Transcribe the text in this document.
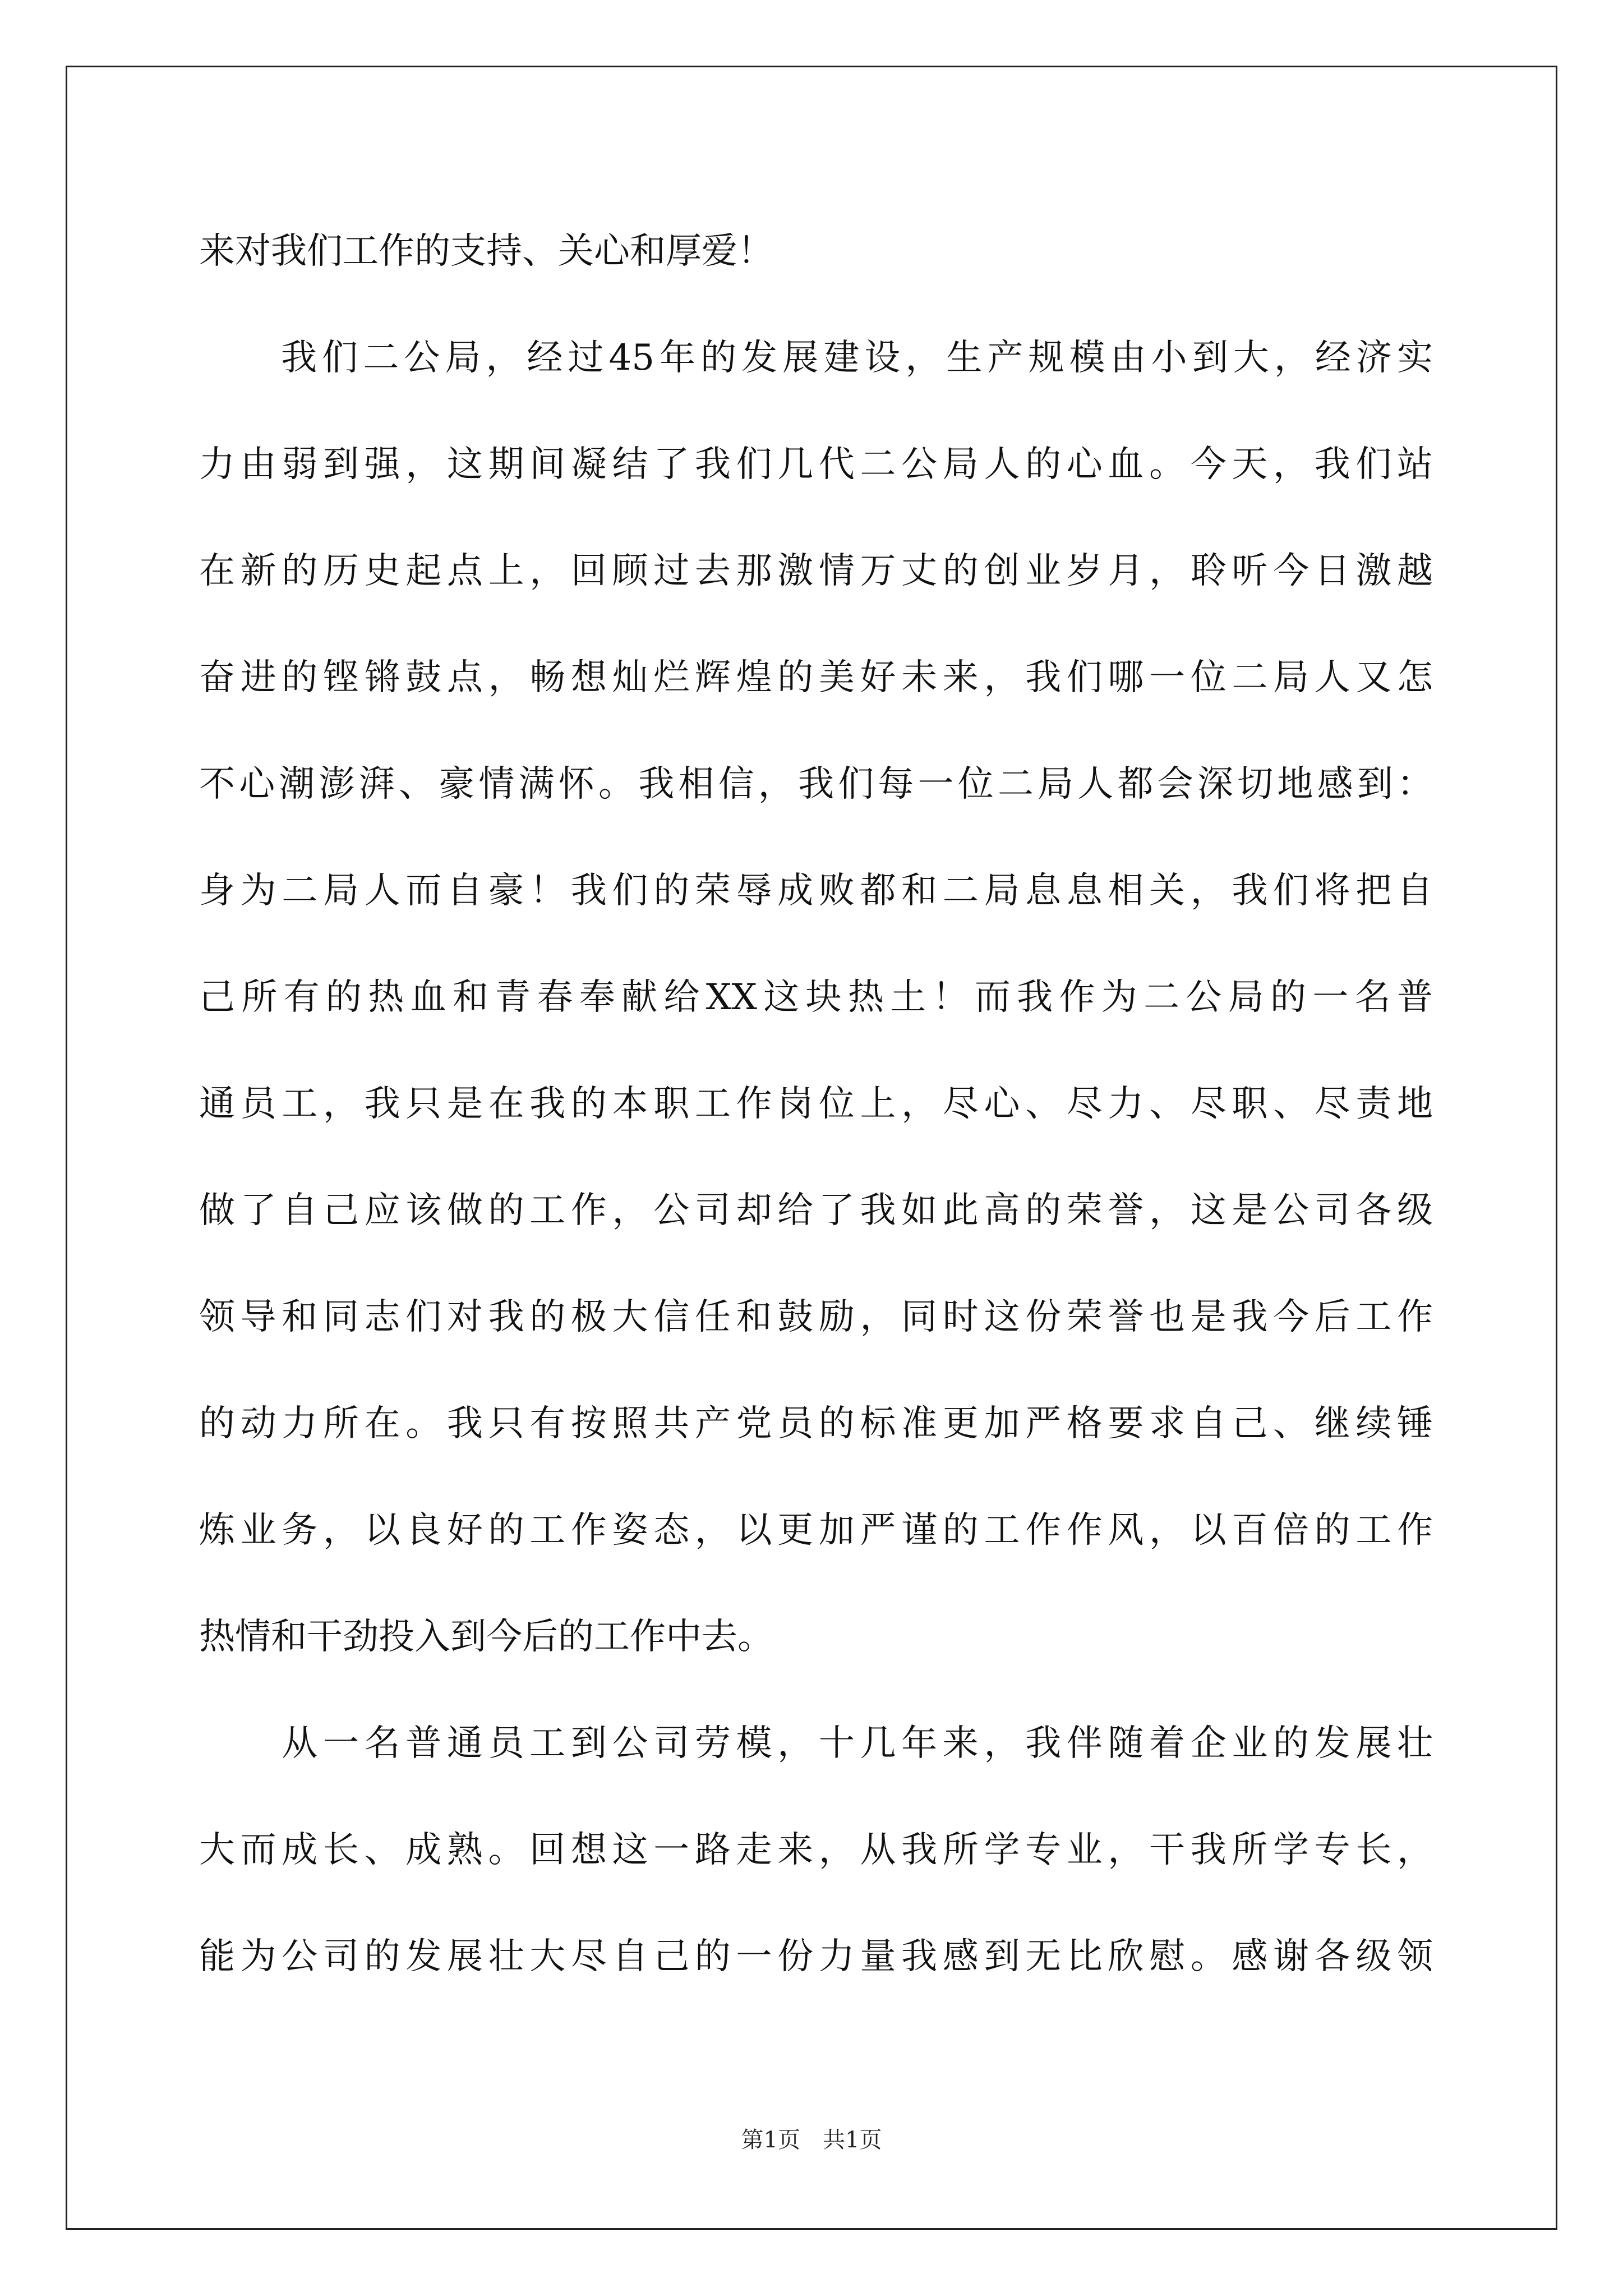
来对我们工作的支持、关心和厚爱！
　　我们二公局，经过45年的发展建设，生产规模由小到大，经济实
力由弱到强，这期间凝结了我们几代二公局人的心血。今天，我们站
在新的历史起点上，回顾过去那激情万丈的创业岁月，聆听今日激越
奋进的铿锵鼓点，畅想灿烂辉煌的美好未来，我们哪一位二局人又怎
不心潮澎湃、豪情满怀。我相信，我们每一位二局人都会深切地感到：
身为二局人而自豪！我们的荣辱成败都和二局息息相关，我们将把自
己所有的热血和青春奉献给XX这块热土！而我作为二公局的一名普
通员工，我只是在我的本职工作岗位上，尽心、尽力、尽职、尽责地
做了自己应该做的工作，公司却给了我如此高的荣誉，这是公司各级
领导和同志们对我的极大信任和鼓励，同时这份荣誉也是我今后工作
的动力所在。我只有按照共产党员的标准更加严格要求自己、继续锤
炼业务，以良好的工作姿态，以更加严谨的工作作风，以百倍的工作
热情和干劲投入到今后的工作中去。
　　从一名普通员工到公司劳模，十几年来，我伴随着企业的发展壮
大而成长、成熟。回想这一路走来，从我所学专业，干我所学专长，
能为公司的发展壮大尽自己的一份力量我感到无比欣慰。感谢各级领
第1页　共1页
